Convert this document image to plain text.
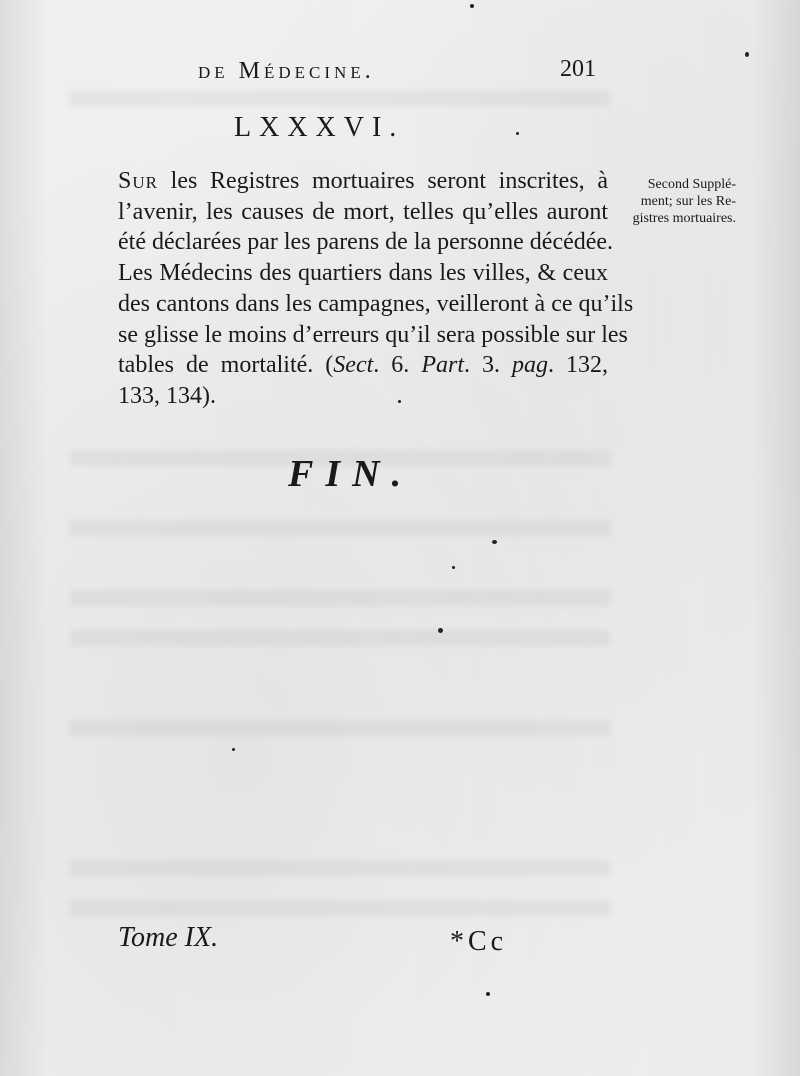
de Médecine.	201
LXXXVI.
Sur les Registres mortuaires seront inscrites, à
l’avenir, les causes de mort, telles qu’elles auront
été déclarées par les parens de la personne décédée.
Les Médecins des quartiers dans les villes, & ceux
des cantons dans les campagnes, veilleront à ce qu’ils
se glisse le moins d’erreurs qu’il sera possible sur les
tables de mortalité. (Sect. 6. Part. 3. pag. 132,
133, 134).
Second Supplé-
ment; sur les Re-
gistres mortuaires.
FIN.
Tome IX.	*Cc
